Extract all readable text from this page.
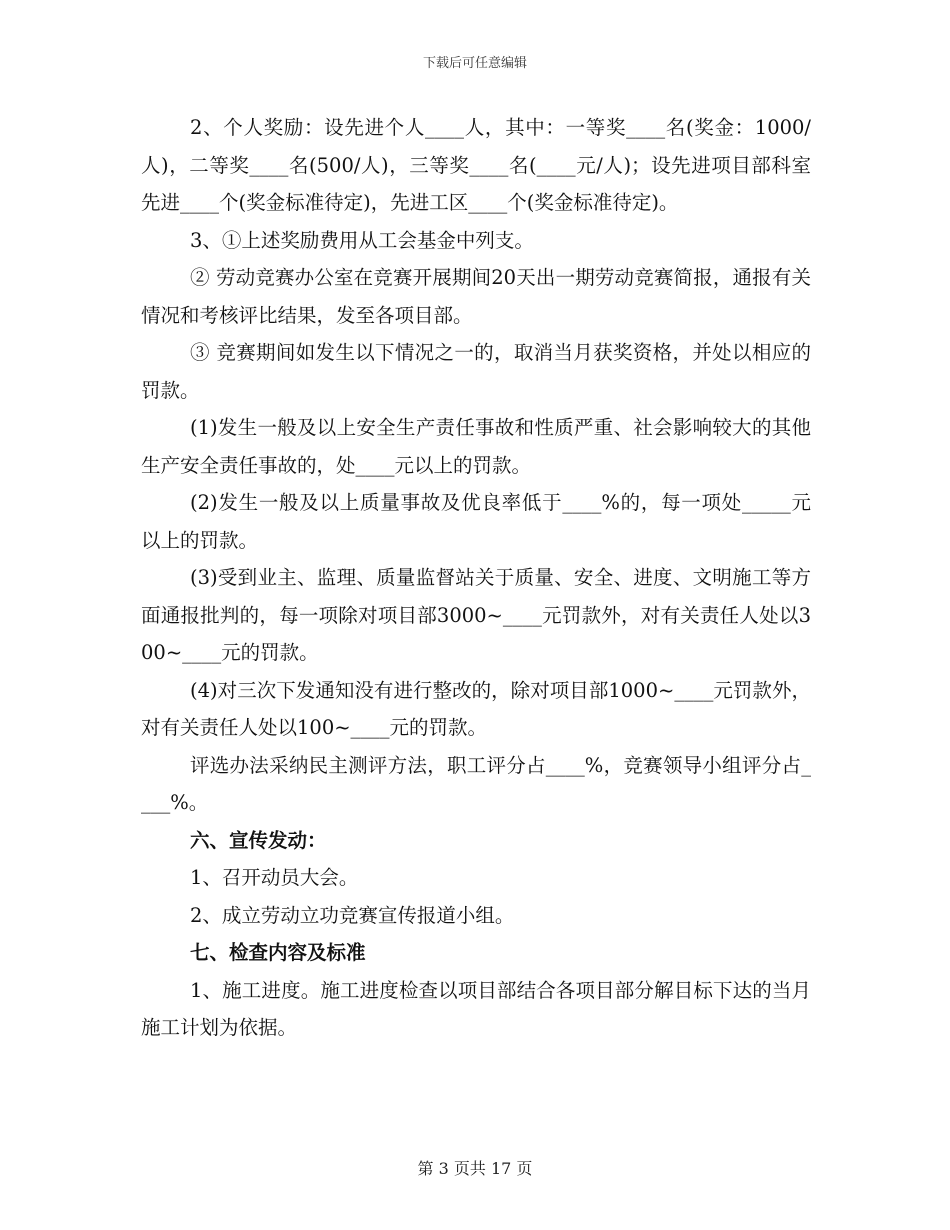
下载后可任意编辑

2、个人奖励：设先进个人____人，其中：一等奖____名(奖金：1000/人)，二等奖____名(500/人)，三等奖____名(____元/人)；设先进项目部科室先进____个(奖金标准待定)，先进工区____个(奖金标准待定)。

3、①上述奖励费用从工会基金中列支。

② 劳动竞赛办公室在竞赛开展期间20天出一期劳动竞赛简报，通报有关情况和考核评比结果，发至各项目部。

③ 竞赛期间如发生以下情况之一的，取消当月获奖资格，并处以相应的罚款。

(1)发生一般及以上安全生产责任事故和性质严重、社会影响较大的其他生产安全责任事故的，处____元以上的罚款。

(2)发生一般及以上质量事故及优良率低于____%的，每一项处_____元以上的罚款。

(3)受到业主、监理、质量监督站关于质量、安全、进度、文明施工等方面通报批判的，每一项除对项目部3000~____元罚款外，对有关责任人处以300~____元的罚款。

(4)对三次下发通知没有进行整改的，除对项目部1000~____元罚款外，对有关责任人处以100~____元的罚款。

评选办法采纳民主测评方法，职工评分占____%，竞赛领导小组评分占____%。

六、宣传发动：

1、召开动员大会。

2、成立劳动立功竞赛宣传报道小组。

七、检查内容及标准

1、施工进度。施工进度检查以项目部结合各项目部分解目标下达的当月施工计划为依据。

第 3 页共 17 页
